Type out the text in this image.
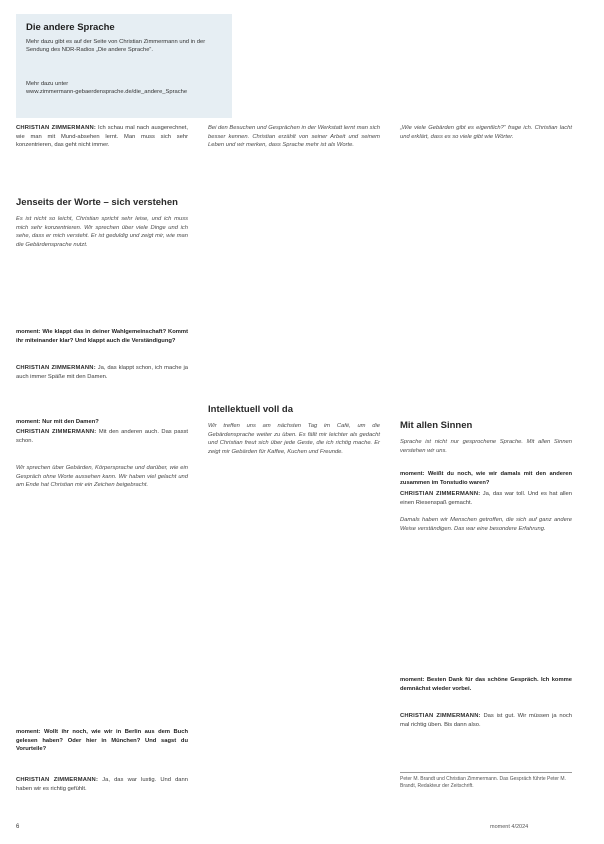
Die andere Sprache
Mehr dazu gibt es auf der Seite von Christian Zimmermann und in der Sendung des NDR-Radios „Die andere Sprache“.
Mehr dazu unter
www.zimmermann-gebaerdensprache.de/die_andere_Sprache
CHRISTIAN ZIMMERMANN: Ich schau mal nach ausgerechnet, wie man mit Mund-absehen lernt. Man muss sich sehr konzentrieren, das geht nicht immer.
Jenseits der Worte – sich verstehen
Es ist nicht so leicht, Christian spricht sehr leise, und ich muss mich sehr konzentrieren. Wir sprechen über viele Dinge und ich sehe, dass er mich versteht. Er ist geduldig und zeigt mir, wie man die Gebärdensprache nutzt.
moment: Wie klappt das in deiner Wahlgemeinschaft? Kommt ihr miteinander klar? Und klappt auch die Verständigung?
CHRISTIAN ZIMMERMANN: Ja, das klappt schon, ich mache ja auch immer Späße mit den Damen.
moment: Nur mit den Damen?
CHRISTIAN ZIMMERMANN: Mit den anderen auch. Das passt schon.
Wir sprechen über Gebärden, Körpersprache und darüber, wie ein Gespräch ohne Worte aussehen kann. Wir haben viel gelacht und am Ende hat Christian mir ein Zeichen beigebracht.
moment: Wollt ihr noch, wie wir in Berlin aus dem Buch gelesen haben? Oder hier in München? Und sagst du Vorurteile?
CHRISTIAN ZIMMERMANN: Ja, das war lustig. Und dann haben wir es richtig gefühlt.
Bei den Besuchen und Gesprächen in der Werkstatt lernt man sich besser kennen. Christian erzählt von seiner Arbeit und seinem Leben und wir merken, dass Sprache mehr ist als Worte.
Intellektuell voll da
Wir treffen uns am nächsten Tag im Café, um die Gebärdensprache weiter zu üben. Es fällt mir leichter als gedacht und Christian freut sich über jede Geste, die ich richtig mache. Er zeigt mir Gebärden für Kaffee, Kuchen und Freunde.
„Wie viele Gebärden gibt es eigentlich?“ frage ich. Christian lacht und erklärt, dass es so viele gibt wie Wörter.
Mit allen Sinnen
Sprache ist nicht nur gesprochene Sprache. Mit allen Sinnen verstehen wir uns.
moment: Weißt du noch, wie wir damals mit den anderen zusammen im Tonstudio waren?
CHRISTIAN ZIMMERMANN: Ja, das war toll. Und es hat allen einen Riesenspaß gemacht.
Damals haben wir Menschen getroffen, die sich auf ganz andere Weise verständigen. Das war eine besondere Erfahrung.
moment: Besten Dank für das schöne Gespräch. Ich komme demnächst wieder vorbei.
CHRISTIAN ZIMMERMANN: Das ist gut. Wir müssen ja noch mal richtig üben. Bis dann also.
Peter M. Brandt und Christian Zimmermann. Das Gespräch führte Peter M. Brandt, Redakteur der Zeitschrift.
6	moment 4/2024
